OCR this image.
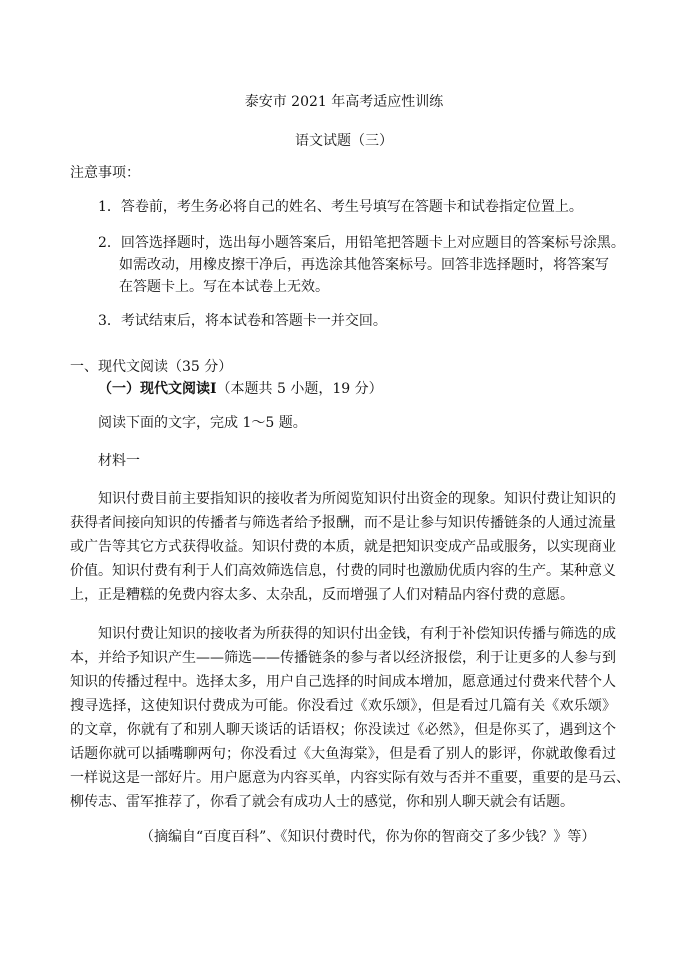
泰安市 2021 年高考适应性训练
语文试题（三）
注意事项：
1．答卷前，考生务必将自己的姓名、考生号填写在答题卡和试卷指定位置上。
2．回答选择题时，选出每小题答案后，用铅笔把答题卡上对应题目的答案标号涂黑。
如需改动，用橡皮擦干净后，再选涂其他答案标号。回答非选择题时，将答案写
在答题卡上。写在本试卷上无效。
3．考试结束后，将本试卷和答题卡一并交回。
一、现代文阅读（35 分）
（一）现代文阅读Ⅰ（本题共 5 小题，19 分）
阅读下面的文字，完成 1～5 题。
材料一
知识付费目前主要指知识的接收者为所阅览知识付出资金的现象。知识付费让知识的
获得者间接向知识的传播者与筛选者给予报酬，而不是让参与知识传播链条的人通过流量
或广告等其它方式获得收益。知识付费的本质，就是把知识变成产品或服务，以实现商业
价值。知识付费有利于人们高效筛选信息，付费的同时也激励优质内容的生产。某种意义
上，正是糟糕的免费内容太多、太杂乱，反而增强了人们对精品内容付费的意愿。
知识付费让知识的接收者为所获得的知识付出金钱，有利于补偿知识传播与筛选的成
本，并给予知识产生——筛选——传播链条的参与者以经济报偿，利于让更多的人参与到
知识的传播过程中。选择太多，用户自己选择的时间成本增加，愿意通过付费来代替个人
搜寻选择，这使知识付费成为可能。你没看过《欢乐颂》，但是看过几篇有关《欢乐颂》
的文章，你就有了和别人聊天谈话的话语权；你没读过《必然》，但是你买了，遇到这个
话题你就可以插嘴聊两句；你没看过《大鱼海棠》，但是看了别人的影评，你就敢像看过
一样说这是一部好片。用户愿意为内容买单，内容实际有效与否并不重要，重要的是马云、
柳传志、雷军推荐了，你看了就会有成功人士的感觉，你和别人聊天就会有话题。
（摘编自“百度百科”、《知识付费时代，你为你的智商交了多少钱？》等）
